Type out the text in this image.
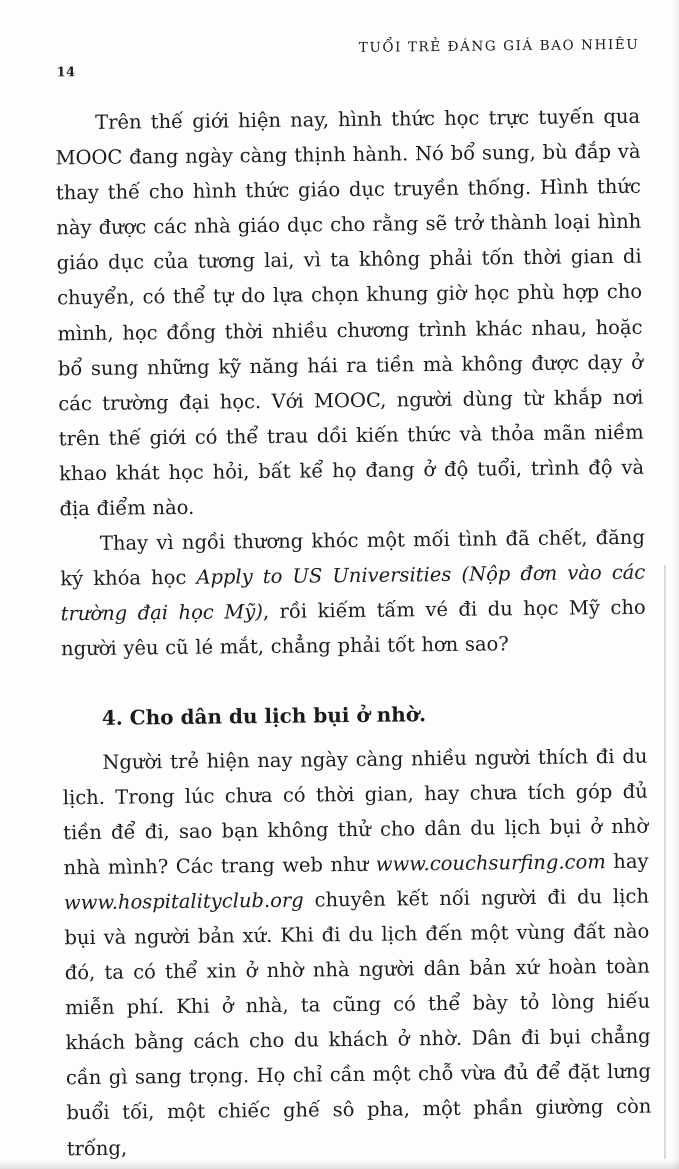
14
TUỔI TRẺ ĐÁNG GIÁ BAO NHIÊU

Trên thế giới hiện nay, hình thức học trực tuyến qua MOOC đang ngày càng thịnh hành. Nó bổ sung, bù đắp và thay thế cho hình thức giáo dục truyền thống. Hình thức này được các nhà giáo dục cho rằng sẽ trở thành loại hình giáo dục của tương lai, vì ta không phải tốn thời gian di chuyển, có thể tự do lựa chọn khung giờ học phù hợp cho mình, học đồng thời nhiều chương trình khác nhau, hoặc bổ sung những kỹ năng hái ra tiền mà không được dạy ở các trường đại học. Với MOOC, người dùng từ khắp nơi trên thế giới có thể trau dồi kiến thức và thỏa mãn niềm khao khát học hỏi, bất kể họ đang ở độ tuổi, trình độ và địa điểm nào.

Thay vì ngồi thương khóc một mối tình đã chết, đăng ký khóa học Apply to US Universities (Nộp đơn vào các trường đại học Mỹ), rồi kiếm tấm vé đi du học Mỹ cho người yêu cũ lé mắt, chẳng phải tốt hơn sao?

4. Cho dân du lịch bụi ở nhờ.

Người trẻ hiện nay ngày càng nhiều người thích đi du lịch. Trong lúc chưa có thời gian, hay chưa tích góp đủ tiền để đi, sao bạn không thử cho dân du lịch bụi ở nhờ nhà mình? Các trang web như www.couchsurfing.com hay www.hospitalityclub.org chuyên kết nối người đi du lịch bụi và người bản xứ. Khi đi du lịch đến một vùng đất nào đó, ta có thể xin ở nhờ nhà người dân bản xứ hoàn toàn miễn phí. Khi ở nhà, ta cũng có thể bày tỏ lòng hiếu khách bằng cách cho du khách ở nhờ. Dân đi bụi chẳng cần gì sang trọng. Họ chỉ cần một chỗ vừa đủ để đặt lưng buổi tối, một chiếc ghế sô pha, một phần giường còn trống,
